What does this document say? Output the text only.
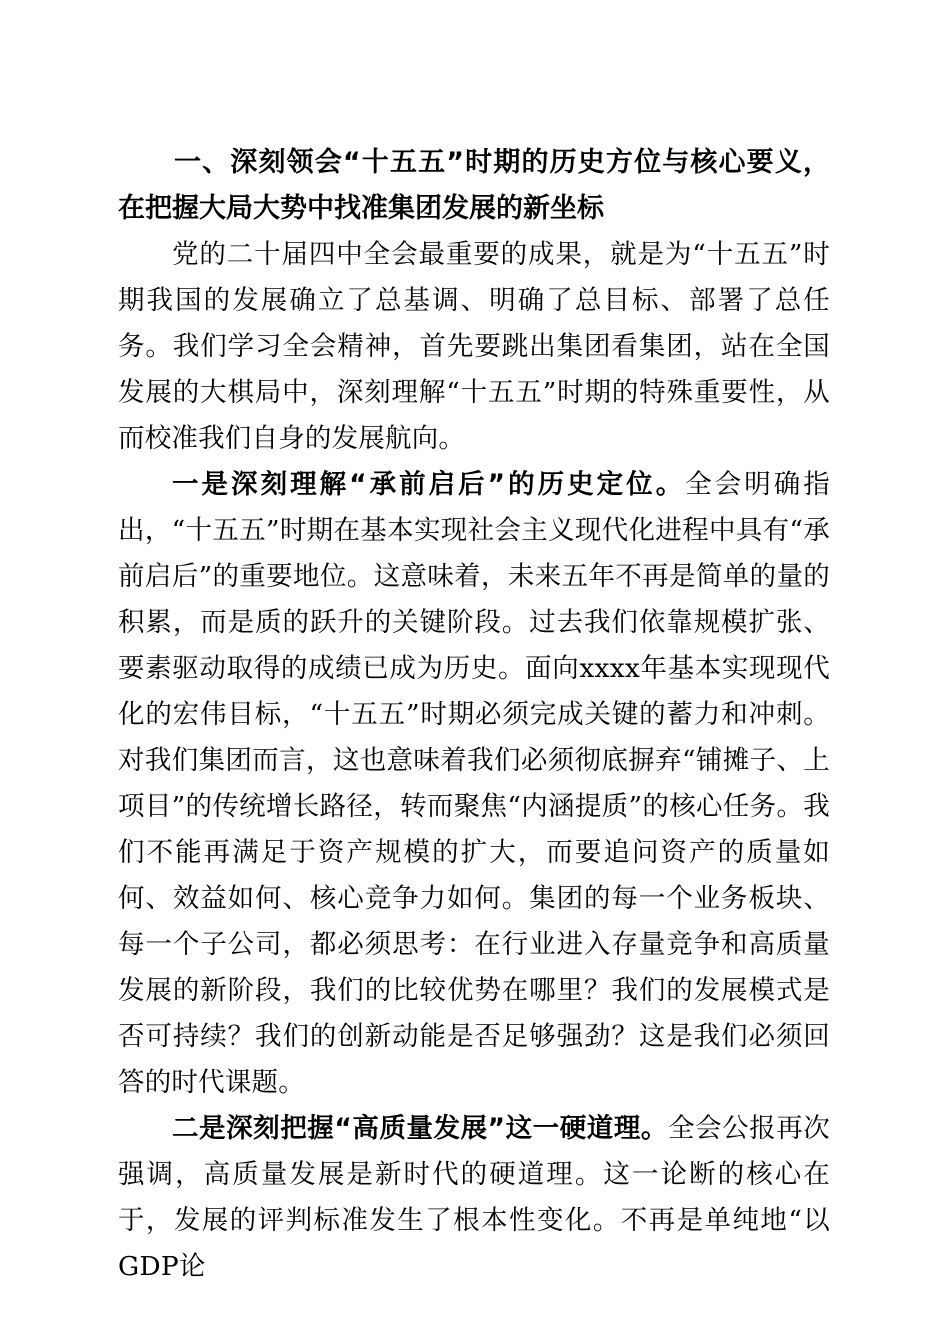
一、深刻领会“十五五”时期的历史方位与核心要义，在把握大局大势中找准集团发展的新坐标

党的二十届四中全会最重要的成果，就是为“十五五”时期我国的发展确立了总基调、明确了总目标、部署了总任务。我们学习全会精神，首先要跳出集团看集团，站在全国发展的大棋局中，深刻理解“十五五”时期的特殊重要性，从而校准我们自身的发展航向。

一是深刻理解“承前启后”的历史定位。全会明确指出，“十五五”时期在基本实现社会主义现代化进程中具有“承前启后”的重要地位。这意味着，未来五年不再是简单的量的积累，而是质的跃升的关键阶段。过去我们依靠规模扩张、要素驱动取得的成绩已成为历史。面向xxxx年基本实现现代化的宏伟目标，“十五五”时期必须完成关键的蓄力和冲刺。对我们集团而言，这也意味着我们必须彻底摒弃“铺摊子、上项目”的传统增长路径，转而聚焦“内涵提质”的核心任务。我们不能再满足于资产规模的扩大，而要追问资产的质量如何、效益如何、核心竞争力如何。集团的每一个业务板块、每一个子公司，都必须思考：在行业进入存量竞争和高质量发展的新阶段，我们的比较优势在哪里？我们的发展模式是否可持续？我们的创新动能是否足够强劲？这是我们必须回答的时代课题。

二是深刻把握“高质量发展”这一硬道理。全会公报再次强调，高质量发展是新时代的硬道理。这一论断的核心在于，发展的评判标准发生了根本性变化。不再是单纯地“以GDP论
